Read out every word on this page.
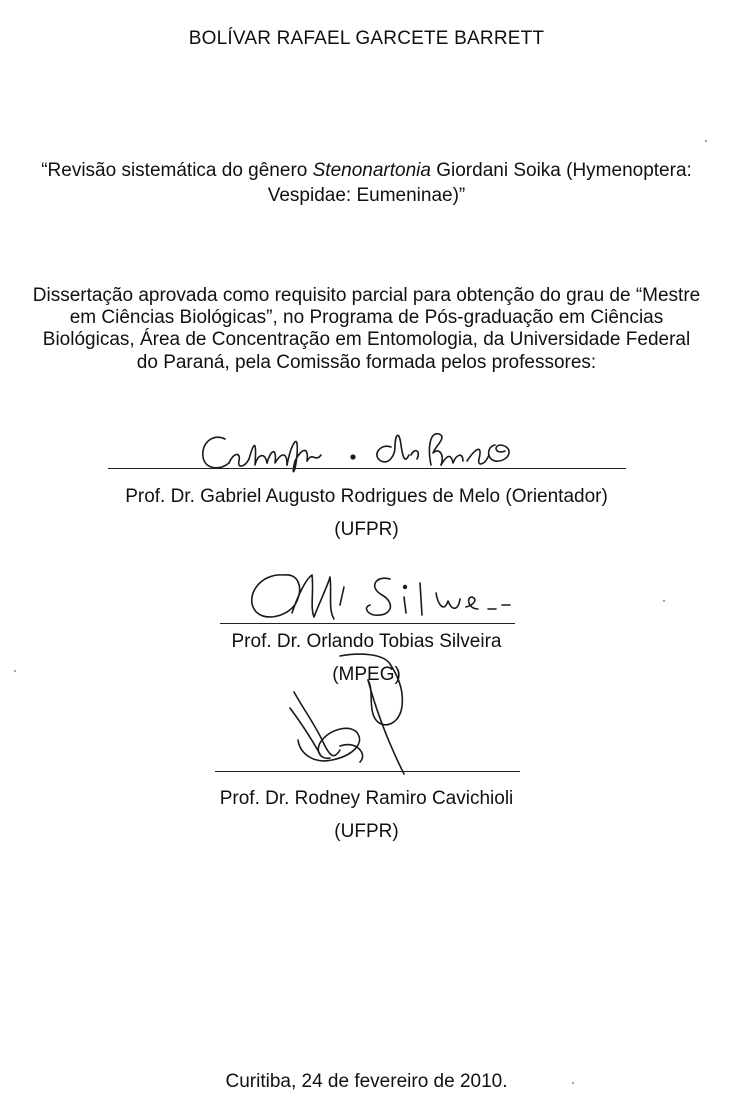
BOLÍVAR RAFAEL GARCETE BARRETT
“Revisão sistemática do gênero Stenonartonia Giordani Soika (Hymenoptera:
Vespidae: Eumeninae)”
Dissertação aprovada como requisito parcial para obtenção do grau de “Mestre
em Ciências Biológicas”, no Programa de Pós-graduação em Ciências
Biológicas, Área de Concentração em Entomologia, da Universidade Federal
do Paraná, pela Comissão formada pelos professores:
Prof. Dr. Gabriel Augusto Rodrigues de Melo (Orientador)
(UFPR)
Prof. Dr. Orlando Tobias Silveira
(MPEG)
Prof. Dr. Rodney Ramiro Cavichioli
(UFPR)
Curitiba, 24 de fevereiro de 2010.
